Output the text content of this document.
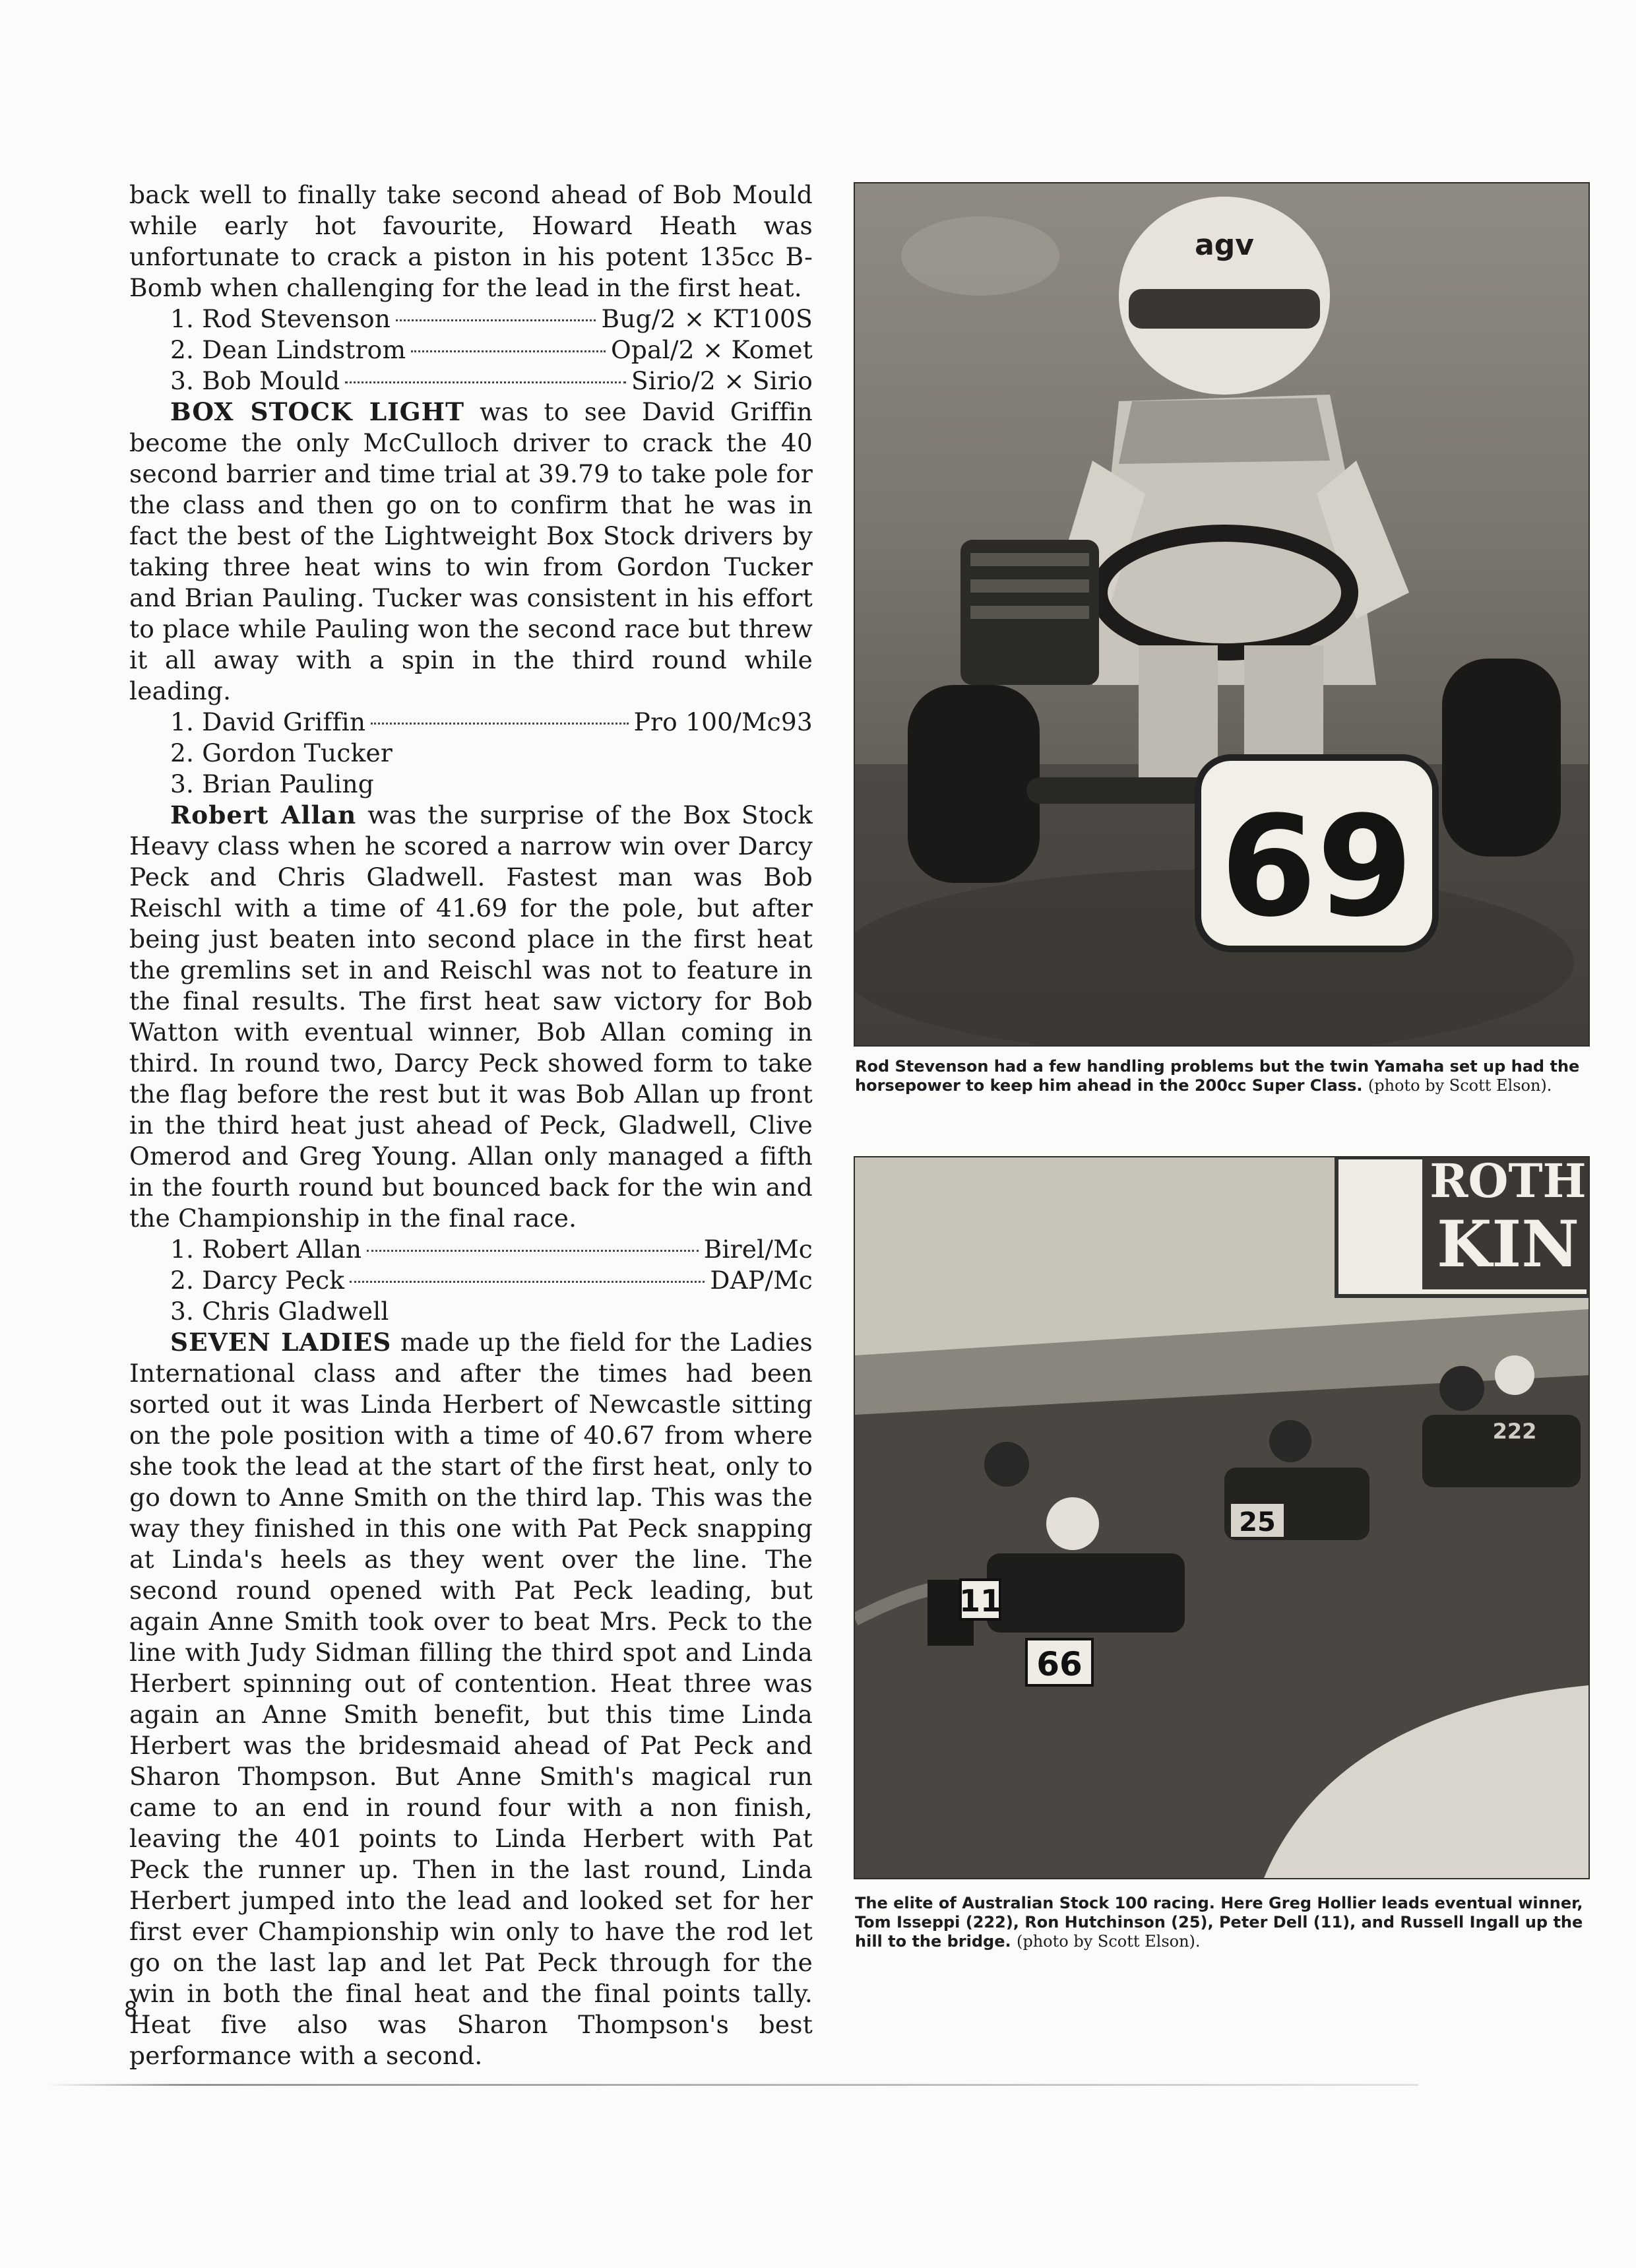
back well to finally take second ahead of Bob Mould while early hot favourite, Howard Heath was unfortunate to crack a piston in his potent 135cc B-Bomb when challenging for the lead in the first heat.

1. Rod Stevenson	Bug/2 × KT100S
2. Dean Lindstrom	Opal/2 × Komet
3. Bob Mould	Sirio/2 × Sirio

BOX STOCK LIGHT was to see David Griffin become the only McCulloch driver to crack the 40 second barrier and time trial at 39.79 to take pole for the class and then go on to confirm that he was in fact the best of the Lightweight Box Stock drivers by taking three heat wins to win from Gordon Tucker and Brian Pauling. Tucker was consistent in his effort to place while Pauling won the second race but threw it all away with a spin in the third round while leading.

1. David Griffin	Pro 100/Mc93
2. Gordon Tucker
3. Brian Pauling

Robert Allan was the surprise of the Box Stock Heavy class when he scored a narrow win over Darcy Peck and Chris Gladwell. Fastest man was Bob Reischl with a time of 41.69 for the pole, but after being just beaten into second place in the first heat the gremlins set in and Reischl was not to feature in the final results. The first heat saw victory for Bob Watton with eventual winner, Bob Allan coming in third. In round two, Darcy Peck showed form to take the flag before the rest but it was Bob Allan up front in the third heat just ahead of Peck, Gladwell, Clive Omerod and Greg Young. Allan only managed a fifth in the fourth round but bounced back for the win and the Championship in the final race.

1. Robert Allan	Birel/Mc
2. Darcy Peck	DAP/Mc
3. Chris Gladwell

SEVEN LADIES made up the field for the Ladies International class and after the times had been sorted out it was Linda Herbert of Newcastle sitting on the pole position with a time of 40.67 from where she took the lead at the start of the first heat, only to go down to Anne Smith on the third lap. This was the way they finished in this one with Pat Peck snapping at Linda's heels as they went over the line. The second round opened with Pat Peck leading, but again Anne Smith took over to beat Mrs. Peck to the line with Judy Sidman filling the third spot and Linda Herbert spinning out of contention. Heat three was again an Anne Smith benefit, but this time Linda Herbert was the bridesmaid ahead of Pat Peck and Sharon Thompson. But Anne Smith's magical run came to an end in round four with a non finish, leaving the 401 points to Linda Herbert with Pat Peck the runner up. Then in the last round, Linda Herbert jumped into the lead and looked set for her first ever Championship win only to have the rod let go on the last lap and let Pat Peck through for the win in both the final heat and the final points tally. Heat five also was Sharon Thompson's best performance with a second.

8
agv
69
Rod Stevenson had a few handling problems but the twin Yamaha set up had the horsepower to keep him ahead in the 200cc Super Class. (photo by Scott Elson).
ROTH
KIN
11
66
25
222
The elite of Australian Stock 100 racing. Here Greg Hollier leads eventual winner, Tom Isseppi (222), Ron Hutchinson (25), Peter Dell (11), and Russell Ingall up the hill to the bridge. (photo by Scott Elson).
